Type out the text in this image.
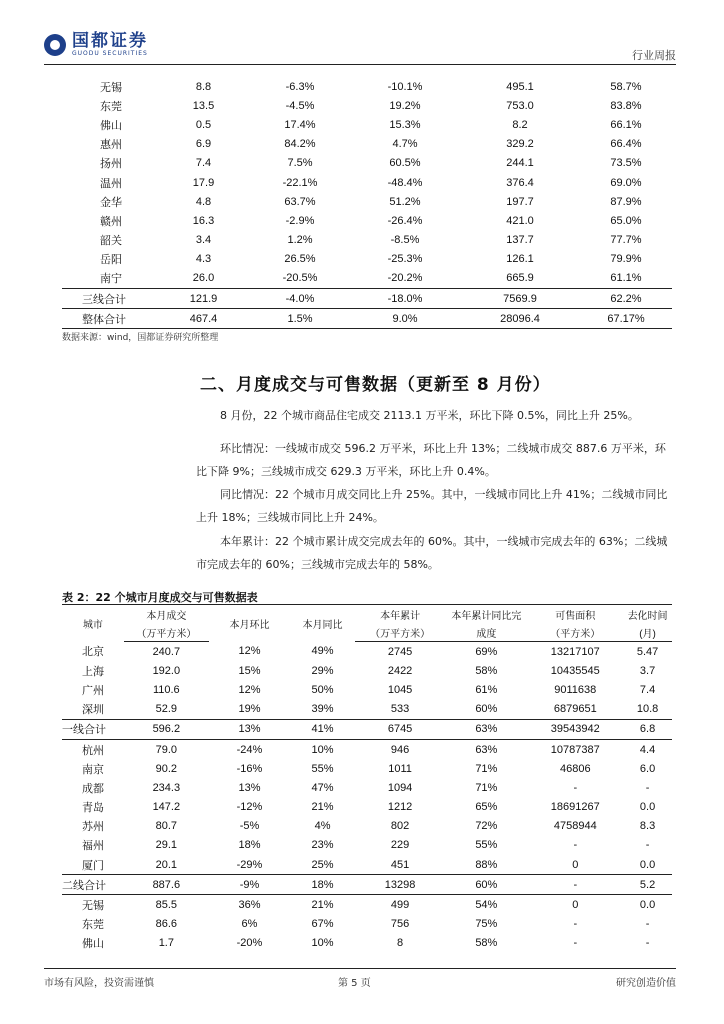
国都证券
GUODU SECURITIES	行业周报
无锡	8.8	-6.3%	-10.1%	495.1	58.7%
东莞	13.5	-4.5%	19.2%	753.0	83.8%
佛山	0.5	17.4%	15.3%	8.2	66.1%
惠州	6.9	84.2%	4.7%	329.2	66.4%
扬州	7.4	7.5%	60.5%	244.1	73.5%
温州	17.9	-22.1%	-48.4%	376.4	69.0%
金华	4.8	63.7%	51.2%	197.7	87.9%
赣州	16.3	-2.9%	-26.4%	421.0	65.0%
韶关	3.4	1.2%	-8.5%	137.7	77.7%
岳阳	4.3	26.5%	-25.3%	126.1	79.9%
南宁	26.0	-20.5%	-20.2%	665.9	61.1%
三线合计	121.9	-4.0%	-18.0%	7569.9	62.2%
整体合计	467.4	1.5%	9.0%	28096.4	67.17%
数据来源：wind，国都证券研究所整理
二、月度成交与可售数据（更新至 8 月份）
8 月份，22 个城市商品住宅成交 2113.1 万平米，环比下降 0.5%，同比上升 25%。
环比情况：一线城市成交 596.2 万平米，环比上升 13%；二线城市成交 887.6 万平米，环比下降 9%；三线城市成交 629.3 万平米，环比上升 0.4%。
同比情况：22 个城市月成交同比上升 25%。其中，一线城市同比上升 41%；二线城市同比上升 18%；三线城市同比上升 24%。
本年累计：22 个城市累计成交完成去年的 60%。其中，一线城市完成去年的 63%；二线城市完成去年的 60%；三线城市完成去年的 58%。
表 2：22 个城市月度成交与可售数据表
城市	本月成交	本月环比	本月同比	本年累计	本年累计同比完	可售面积	去化时间
	（万平方米）			（万平方米）	成度	（平方米）	(月)
北京	240.7	12%	49%	2745	69%	13217107	5.47
上海	192.0	15%	29%	2422	58%	10435545	3.7
广州	110.6	12%	50%	1045	61%	9011638	7.4
深圳	52.9	19%	39%	533	60%	6879651	10.8
一线合计	596.2	13%	41%	6745	63%	39543942	6.8
杭州	79.0	-24%	10%	946	63%	10787387	4.4
南京	90.2	-16%	55%	1011	71%	46806	6.0
成都	234.3	13%	47%	1094	71%	-	-
青岛	147.2	-12%	21%	1212	65%	18691267	0.0
苏州	80.7	-5%	4%	802	72%	4758944	8.3
福州	29.1	18%	23%	229	55%	-	-
厦门	20.1	-29%	25%	451	88%	0	0.0
二线合计	887.6	-9%	18%	13298	60%	-	5.2
无锡	85.5	36%	21%	499	54%	0	0.0
东莞	86.6	6%	67%	756	75%	-	-
佛山	1.7	-20%	10%	8	58%	-	-
市场有风险，投资需谨慎	第 5 页	研究创造价值
